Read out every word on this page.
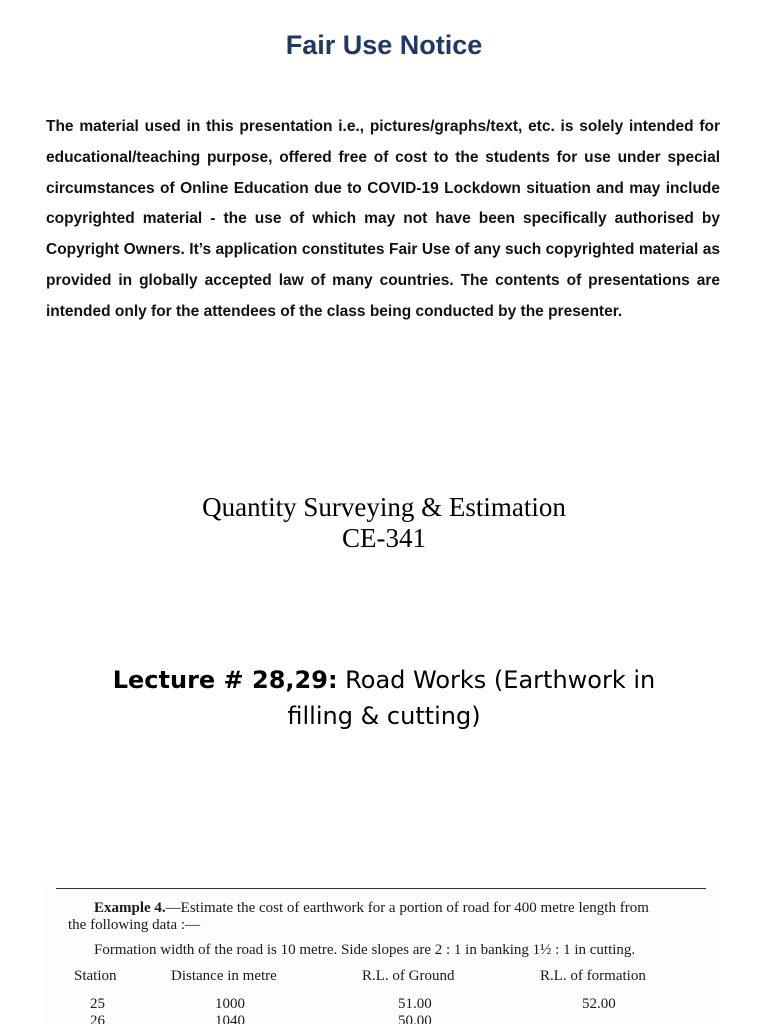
Fair Use Notice

The material used in this presentation i.e., pictures/graphs/text, etc. is solely intended for educational/teaching purpose, offered free of cost to the students for use under special circumstances of Online Education due to COVID-19 Lockdown situation and may include copyrighted material - the use of which may not have been specifically authorised by Copyright Owners. It’s application constitutes Fair Use of any such copyrighted material as provided in globally accepted law of many countries. The contents of presentations are intended only for the attendees of the class being conducted by the presenter.

Quantity Surveying & Estimation
CE-341
Lecture # 28,29: Road Works (Earthwork in filling & cutting)
Example 4.—Estimate the cost of earthwork for a portion of road for 400 metre length from
the following data :—
Formation width of the road is 10 metre. Side slopes are 2 : 1 in banking 1½ : 1 in cutting.
Station	Distance in metre	R.L. of Ground	R.L. of formation
25	1000	51.00	52.00
26	1040	50.00
